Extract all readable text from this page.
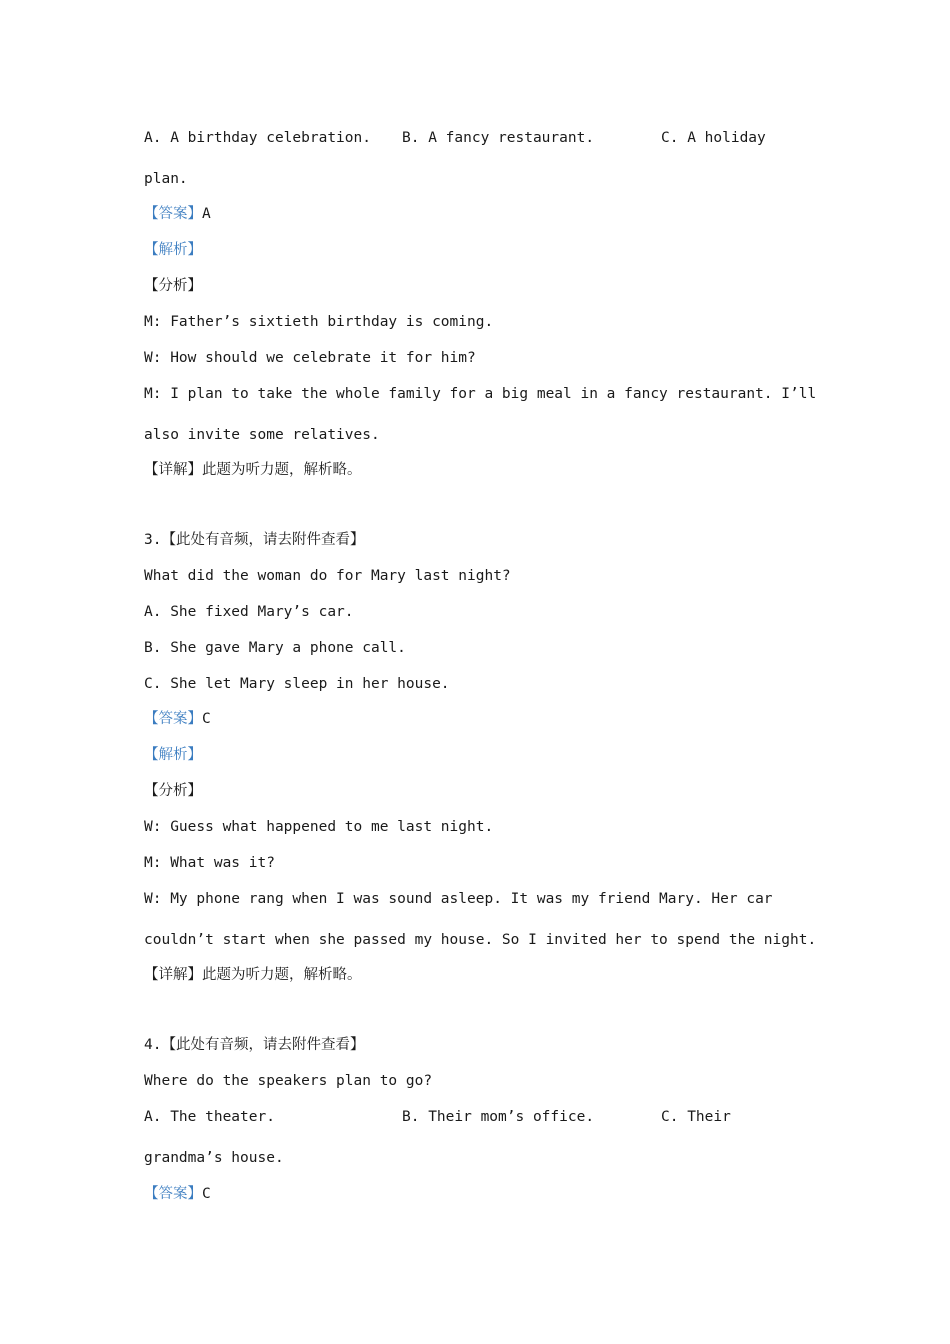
A. A birthday celebration. B. A fancy restaurant.	C. A holiday
plan.
【答案】A
【解析】
【分析】
M: Father’s sixtieth birthday is coming.
W: How should we celebrate it for him?
M: I plan to take the whole family for a big meal in a fancy restaurant. I’ll
also invite some relatives.
【详解】此题为听力题，解析略。
3.【此处有音频，请去附件查看】
What did the woman do for Mary last night?
A. She fixed Mary’s car.
B. She gave Mary a phone call.
C. She let Mary sleep in her house.
【答案】C
【解析】
【分析】
W: Guess what happened to me last night.
M: What was it?
W: My phone rang when I was sound asleep. It was my friend Mary. Her car
couldn’t start when she passed my house. So I invited her to spend the night.
【详解】此题为听力题，解析略。
4.【此处有音频，请去附件查看】
Where do the speakers plan to go?
A. The theater.	B. Their mom’s office.	C. Their
grandma’s house.
【答案】C
